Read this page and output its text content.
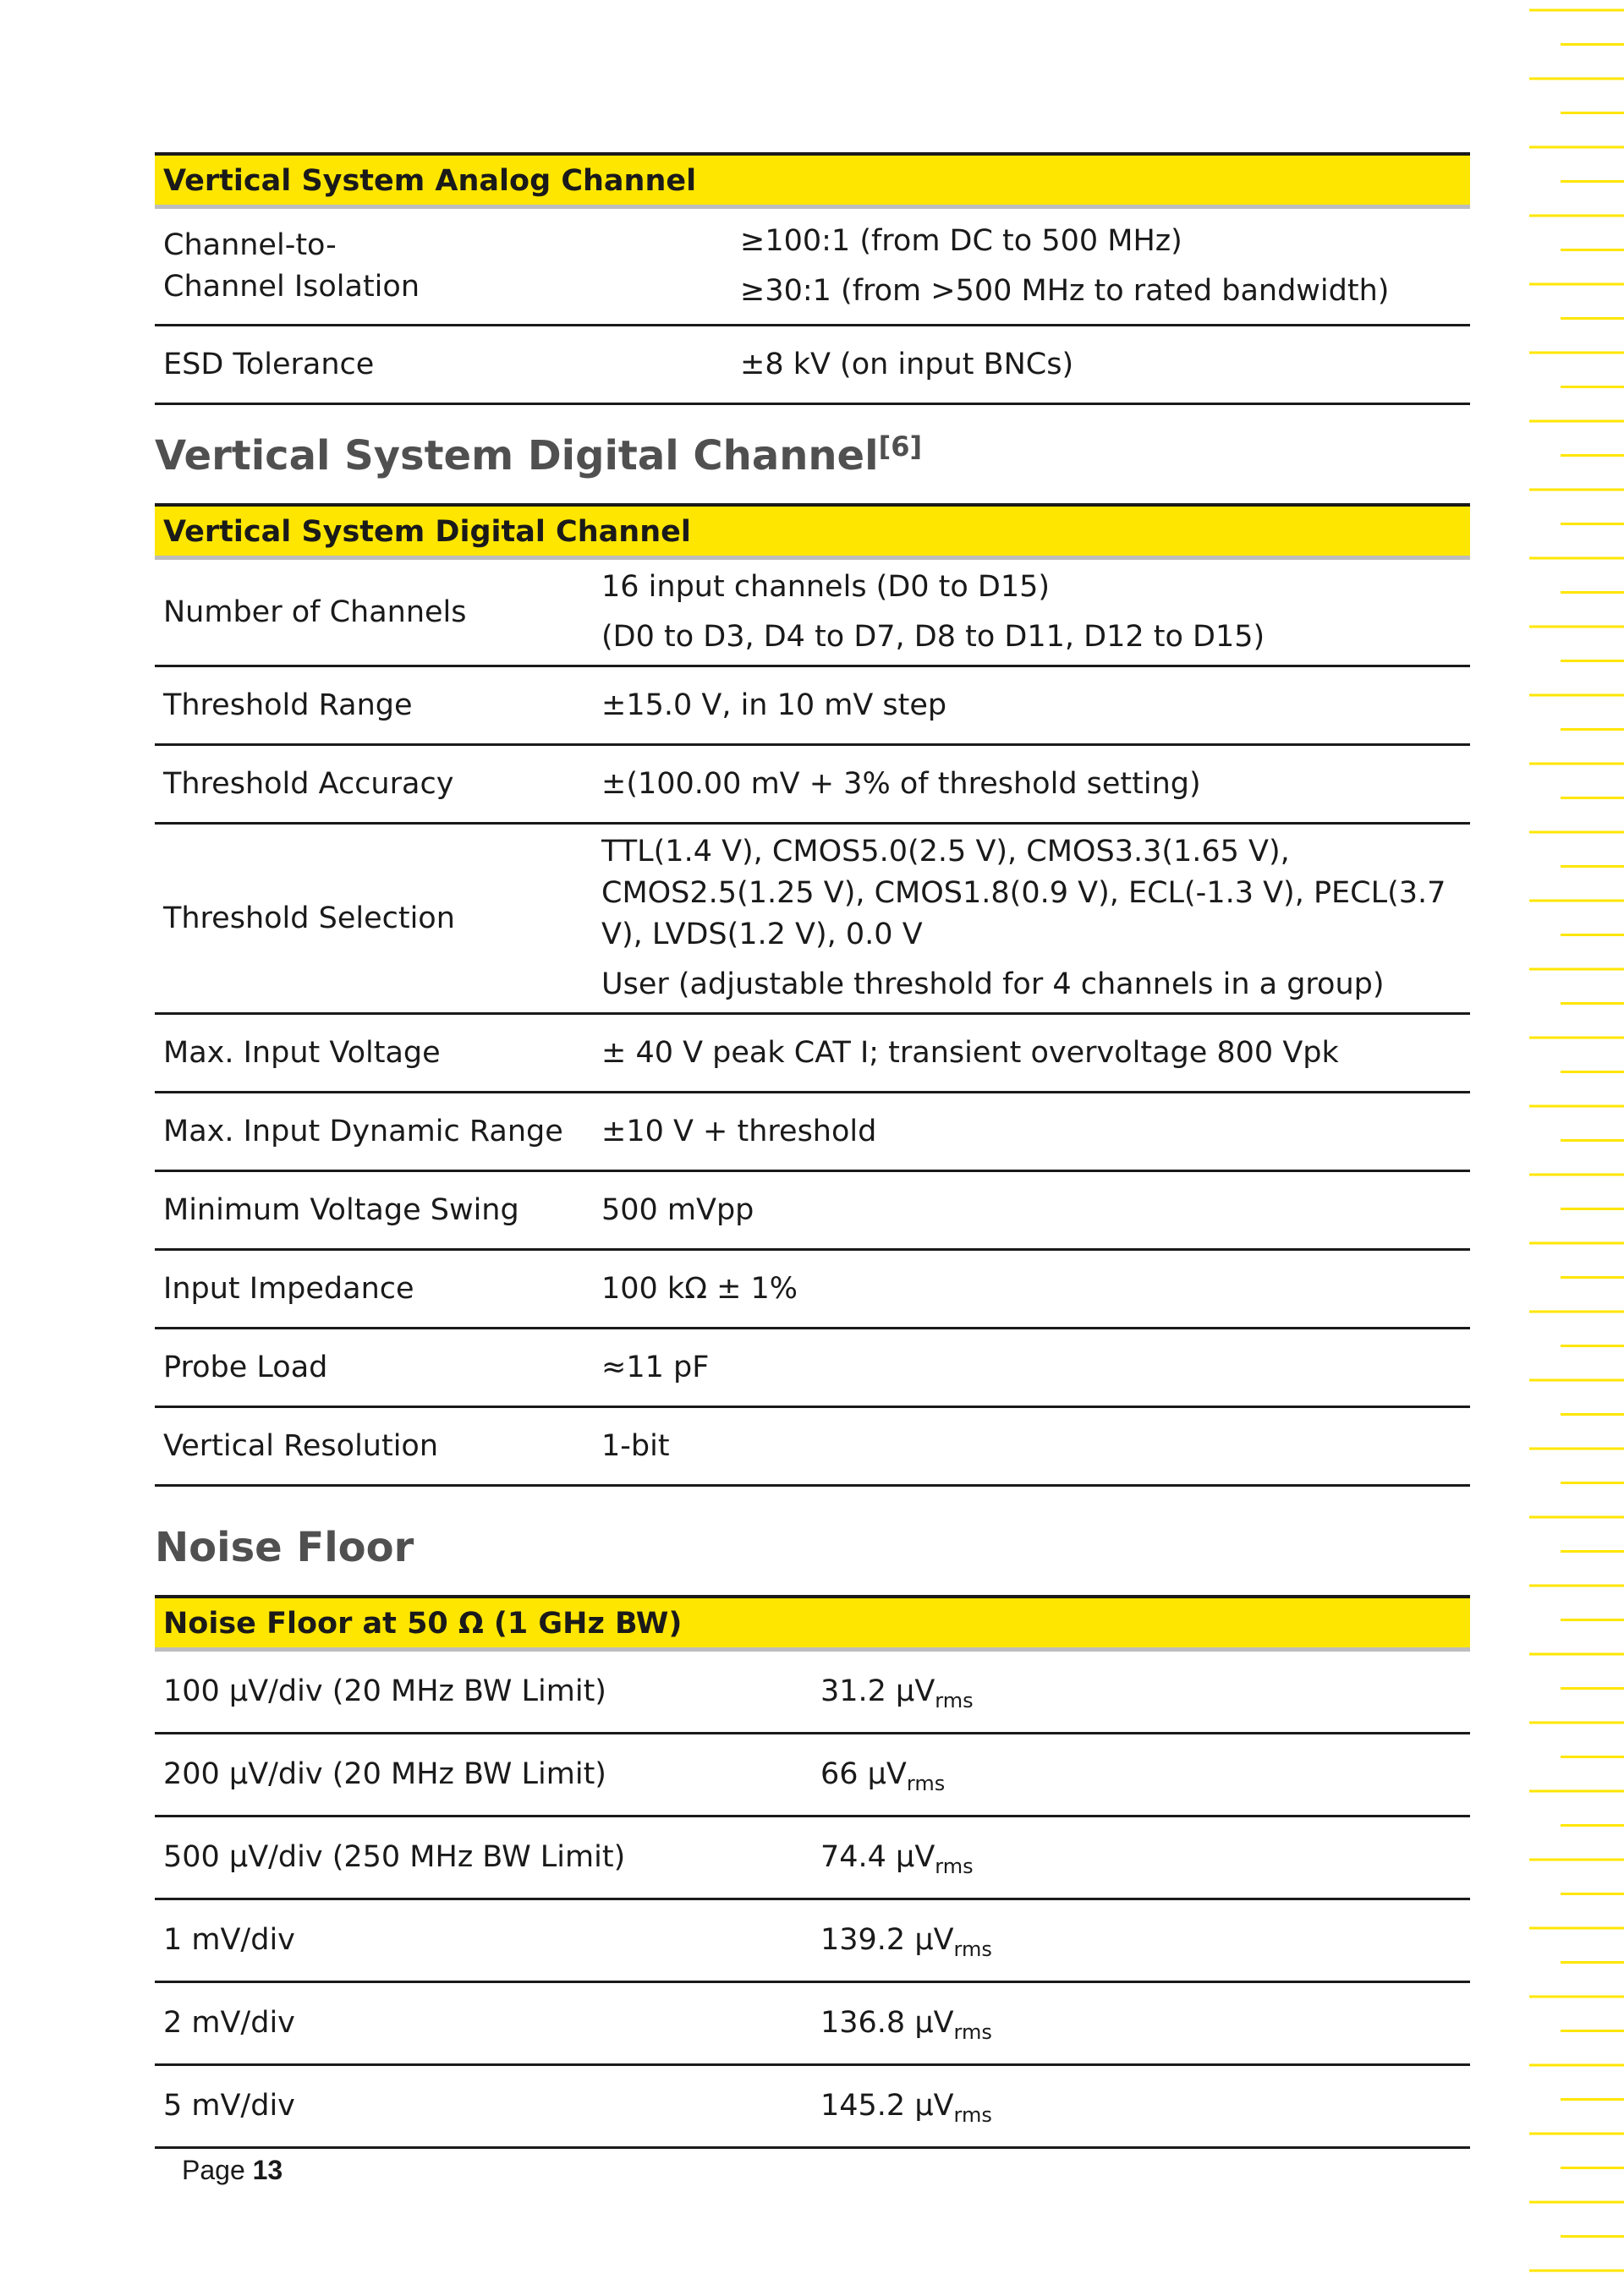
Vertical System Analog Channel	
Channel-to-Channel Isolation	≥100:1 (from DC to 500 MHz)
≥30:1 (from >500 MHz to rated bandwidth)

ESD Tolerance	±8 kV (on input BNCs)
Vertical System Digital Channel[6]
Vertical System Digital Channel	
Number of Channels	16 input channels (D0 to D15)
(D0 to D3, D4 to D7, D8 to D11, D12 to D15)

Threshold Range	±15.0 V, in 10 mV step
Threshold Accuracy	±(100.00 mV + 3% of threshold setting)
Threshold Selection	TTL(1.4 V), CMOS5.0(2.5 V), CMOS3.3(1.65 V), CMOS2.5(1.25 V), CMOS1.8(0.9 V), ECL(-1.3 V), PECL(3.7 V), LVDS(1.2 V), 0.0 V
User (adjustable threshold for 4 channels in a group)

Max. Input Voltage	± 40 V peak CAT I; transient overvoltage 800 Vpk
Max. Input Dynamic Range	±10 V + threshold
Minimum Voltage Swing	500 mVpp
Input Impedance	100 kΩ ± 1%
Probe Load	≈11 pF
Vertical Resolution	1-bit
Noise Floor
Noise Floor at 50 Ω (1 GHz BW)	
100 μV/div (20 MHz BW Limit)	31.2 $\mu V_{rms}$
200 μV/div (20 MHz BW Limit)	66 $\mu V_{rms}$
500 μV/div (250 MHz BW Limit)	74.4 $\mu V_{rms}$
1 mV/div	139.2 $\mu V_{rms}$
2 mV/div	136.8 $\mu V_{rms}$
5 mV/div	145.2 $\mu V_{rms}$
Page 13
